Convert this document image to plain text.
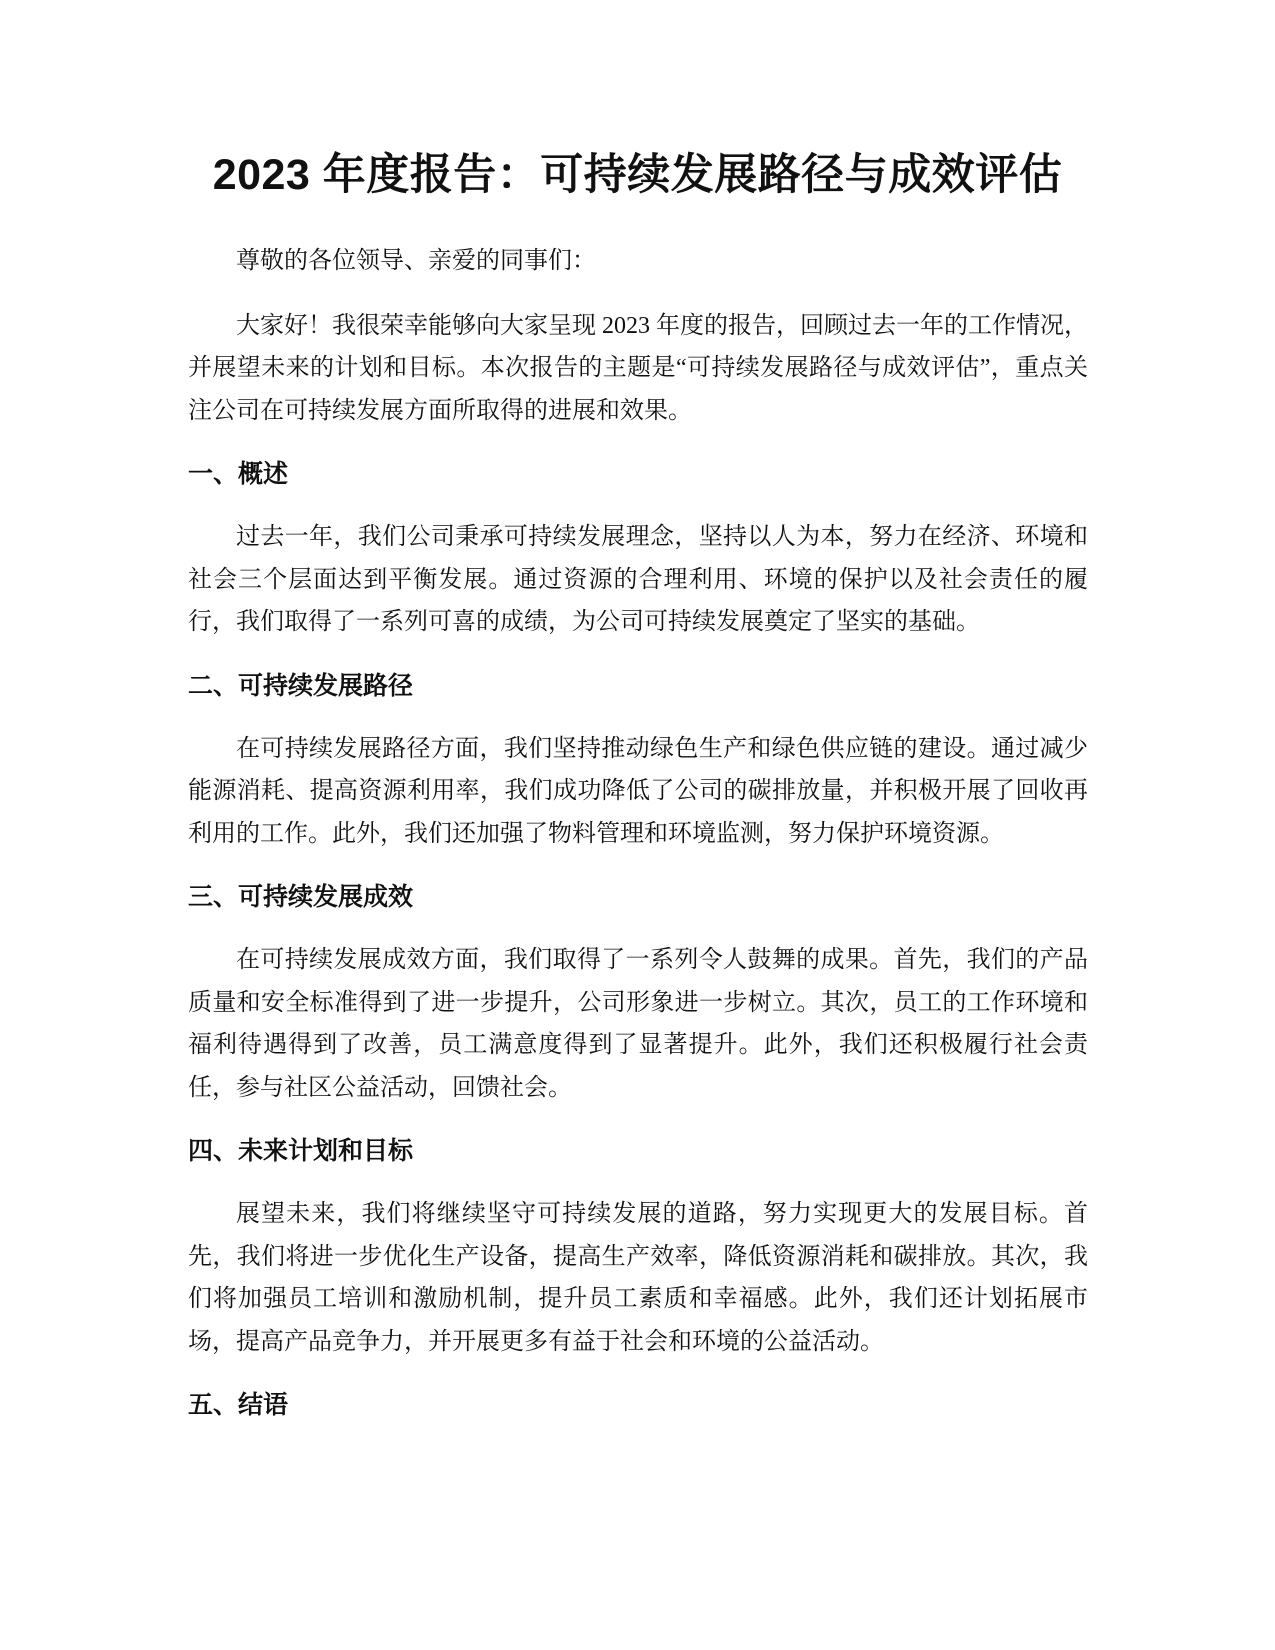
2023 年度报告：可持续发展路径与成效评估

尊敬的各位领导、亲爱的同事们：

大家好！我很荣幸能够向大家呈现 2023 年度的报告，回顾过去一年的工作情况，并展望未来的计划和目标。本次报告的主题是“可持续发展路径与成效评估”，重点关注公司在可持续发展方面所取得的进展和效果。

一、概述

过去一年，我们公司秉承可持续发展理念，坚持以人为本，努力在经济、环境和社会三个层面达到平衡发展。通过资源的合理利用、环境的保护以及社会责任的履行，我们取得了一系列可喜的成绩，为公司可持续发展奠定了坚实的基础。

二、可持续发展路径

在可持续发展路径方面，我们坚持推动绿色生产和绿色供应链的建设。通过减少能源消耗、提高资源利用率，我们成功降低了公司的碳排放量，并积极开展了回收再利用的工作。此外，我们还加强了物料管理和环境监测，努力保护环境资源。

三、可持续发展成效

在可持续发展成效方面，我们取得了一系列令人鼓舞的成果。首先，我们的产品质量和安全标准得到了进一步提升，公司形象进一步树立。其次，员工的工作环境和福利待遇得到了改善，员工满意度得到了显著提升。此外，我们还积极履行社会责任，参与社区公益活动，回馈社会。

四、未来计划和目标

展望未来，我们将继续坚守可持续发展的道路，努力实现更大的发展目标。首先，我们将进一步优化生产设备，提高生产效率，降低资源消耗和碳排放。其次，我们将加强员工培训和激励机制，提升员工素质和幸福感。此外，我们还计划拓展市场，提高产品竞争力，并开展更多有益于社会和环境的公益活动。

五、结语
